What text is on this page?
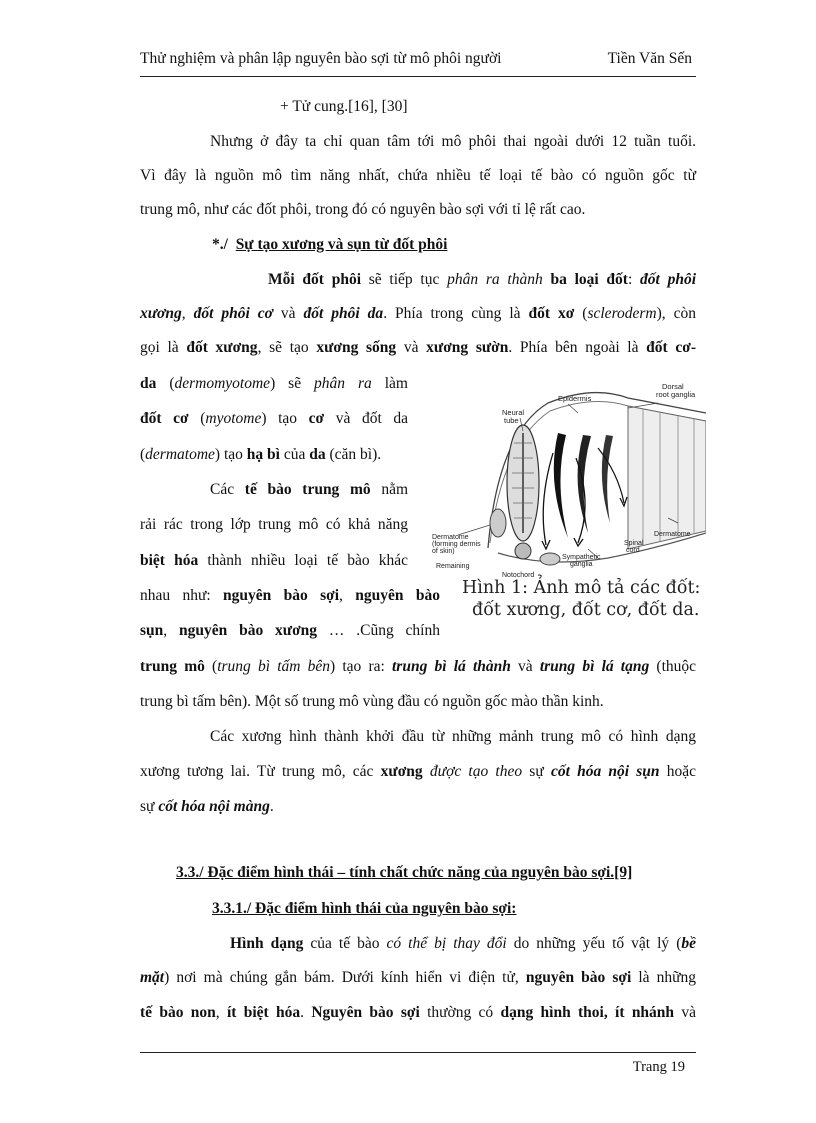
Thử nghiệm và phân lập nguyên bào sợi từ mô phôi người	Tiền Văn Sến
+ Tử cung.[16], [30]
Nhưng ở đây ta chỉ quan tâm tới mô phôi thai ngoài dưới 12 tuần tuổi.
Vì đây là nguồn mô tìm năng nhất, chứa nhiều tế loại tế bào có nguồn gốc từ
trung mô, như các đốt phôi, trong đó có nguyên bào sợi với tỉ lệ rất cao.
*./ Sự tạo xương và sụn từ đốt phôi
Mỗi đốt phôi sẽ tiếp tục phân ra thành ba loại đốt: đốt phôi
xương, đốt phôi cơ và đốt phôi da. Phía trong cùng là đốt xơ (scleroderm), còn
gọi là đốt xương, sẽ tạo xương sống và xương sườn. Phía bên ngoài là đốt cơ-
da (dermomyotome) sẽ phân ra làm
đốt cơ (myotome) tạo cơ và đốt da
(dermatome) tạo hạ bì của da (căn bì).
Các tế bào trung mô nằm
rải rác trong lớp trung mô có khả năng
biệt hóa thành nhiều loại tế bào khác
nhau như: nguyên bào sợi, nguyên bào
sụn, nguyên bào xương … .Cũng chính
trung mô (trung bì tấm bên) tạo ra: trung bì lá thành và trung bì lá tạng (thuộc
trung bì tấm bên). Một số trung mô vùng đầu có nguồn gốc mào thần kinh.
Các xương hình thành khởi đầu từ những mảnh trung mô có hình dạng
xương tương lai. Từ trung mô, các xương được tạo theo sự cốt hóa nội sụn hoặc
sự cốt hóa nội màng.
3.3./ Đặc điểm hình thái – tính chất chức năng của nguyên bào sợi.[9]
3.3.1./ Đặc điểm hình thái của nguyên bào sợi:
Hình dạng của tế bào có thể bị thay đổi do những yếu tố vật lý (bề
mặt) nơi mà chúng gắn bám. Dưới kính hiển vi điện tử, nguyên bào sợi là những
tế bào non, ít biệt hóa. Nguyên bào sợi thường có dạng hình thoi, ít nhánh và
Neural tube
Epidermis
Dorsal root ganglia
Dermatome (forming dermis of skin)
Remaining
Notochord
Sympathetic ganglia
Spinal cord
Dermatome
Hình 1: Ảnh mô tả các đốt:
đốt xương, đốt cơ, đốt da.
Trang 19
